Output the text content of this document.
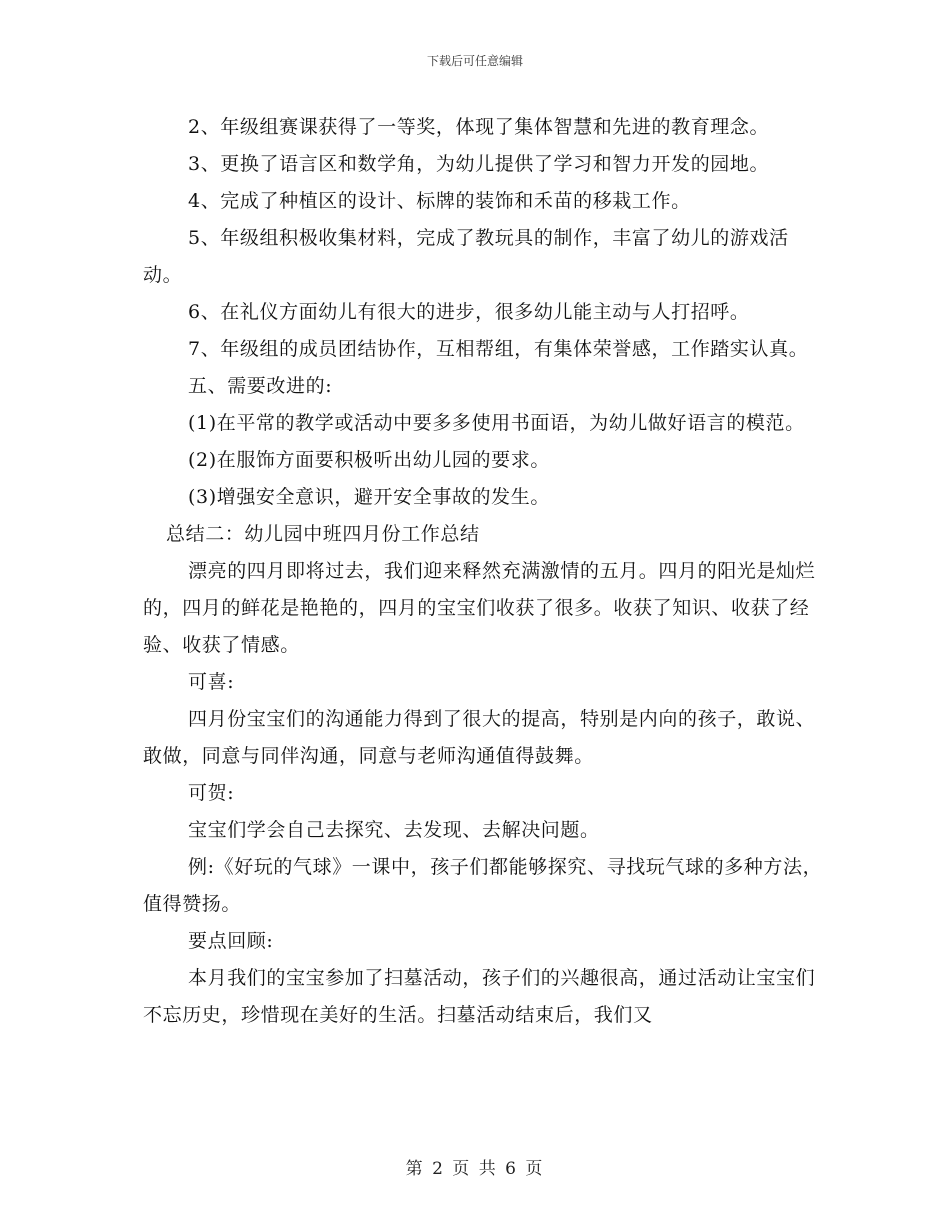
下载后可任意编辑

2、年级组赛课获得了一等奖，体现了集体智慧和先进的教育理念。

3、更换了语言区和数学角，为幼儿提供了学习和智力开发的园地。

4、完成了种植区的设计、标牌的装饰和禾苗的移栽工作。

5、年级组积极收集材料，完成了教玩具的制作，丰富了幼儿的游戏活动。

6、在礼仪方面幼儿有很大的进步，很多幼儿能主动与人打招呼。

7、年级组的成员团结协作，互相帮组，有集体荣誉感，工作踏实认真。

五、需要改进的:

(1)在平常的教学或活动中要多多使用书面语，为幼儿做好语言的模范。

(2)在服饰方面要积极听出幼儿园的要求。

(3)增强安全意识，避开安全事故的发生。

总结二：幼儿园中班四月份工作总结

漂亮的四月即将过去，我们迎来释然充满激情的五月。四月的阳光是灿烂的，四月的鲜花是艳艳的，四月的宝宝们收获了很多。收获了知识、收获了经验、收获了情感。

可喜:

四月份宝宝们的沟通能力得到了很大的提高，特别是内向的孩子，敢说、敢做，同意与同伴沟通，同意与老师沟通值得鼓舞。

可贺:

宝宝们学会自己去探究、去发现、去解决问题。

例:《好玩的气球》一课中，孩子们都能够探究、寻找玩气球的多种方法，值得赞扬。

要点回顾:

本月我们的宝宝参加了扫墓活动，孩子们的兴趣很高，通过活动让宝宝们不忘历史，珍惜现在美好的生活。扫墓活动结束后，我们又

第 2 页 共 6 页
